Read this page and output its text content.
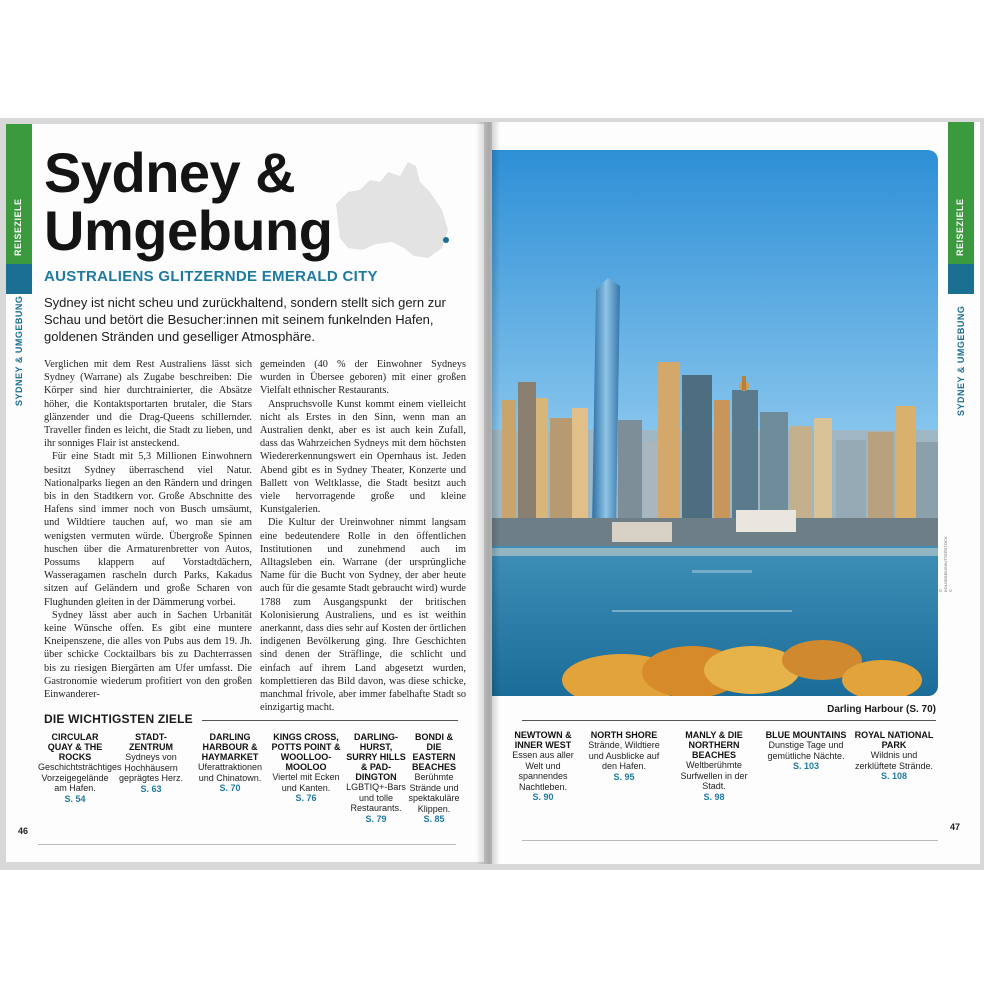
REISEZIELE
SYDNEY & UMGEBUNG
Sydney &
Umgebung
AUSTRALIENS GLITZERNDE EMERALD CITY
Sydney ist nicht scheu und zurückhaltend, sondern stellt sich gern zur Schau und betört die Besucher:innen mit seinem funkelnden Hafen, goldenen Stränden und geselliger Atmosphäre.

Verglichen mit dem Rest Australiens lässt sich Sydney (Warrane) als Zugabe beschreiben: Die Körper sind hier durchtrainierter, die Absätze höher, die Kontaktsportarten brutaler, die Stars glänzender und die Drag-Queens schillernder. Traveller finden es leicht, die Stadt zu lieben, und ihr sonniges Flair ist ansteckend.

Für eine Stadt mit 5,3 Millionen Einwohnern besitzt Sydney überraschend viel Natur. Nationalparks liegen an den Rändern und dringen bis in den Stadtkern vor. Große Abschnitte des Hafens sind immer noch von Busch umsäumt, und Wildtiere tauchen auf, wo man sie am wenigsten vermuten würde. Übergroße Spinnen huschen über die Armaturenbretter von Autos, Possums klappern auf Vorstadtdächern, Wasseragamen rascheln durch Parks, Kakadus sitzen auf Geländern und große Scharen von Flughunden gleiten in der Dämmerung vorbei.

Sydney lässt aber auch in Sachen Urbanität keine Wünsche offen. Es gibt eine muntere Kneipenszene, die alles von Pubs aus dem 19. Jh. über schicke Cocktailbars bis zu Dachterrassen bis zu riesigen Biergärten am Ufer umfasst. Die Gastronomie wiederum profitiert von den großen Einwanderer-

gemeinden (40 % der Einwohner Sydneys wurden in Übersee geboren) mit einer großen Vielfalt ethnischer Restaurants.

Anspruchsvolle Kunst kommt einem vielleicht nicht als Erstes in den Sinn, wenn man an Australien denkt, aber es ist auch kein Zufall, dass das Wahrzeichen Sydneys mit dem höchsten Wiedererkennungswert ein Opernhaus ist. Jeden Abend gibt es in Sydney Theater, Konzerte und Ballett von Weltklasse, die Stadt besitzt auch viele hervorragende große und kleine Kunstgalerien.

Die Kultur der Ureinwohner nimmt langsam eine bedeutendere Rolle in den öffentlichen Institutionen und zunehmend auch im Alltagsleben ein. Warrane (der ursprüngliche Name für die Bucht von Sydney, der aber heute auch für die gesamte Stadt gebraucht wird) wurde 1788 zum Ausgangspunkt der britischen Kolonisierung Australiens, und es ist weithin anerkannt, dass dies sehr auf Kosten der örtlichen indigenen Bevölkerung ging. Ihre Geschichten sind denen der Sträflinge, die schlicht und einfach auf ihrem Land abgesetzt wurden, komplettieren das Bild davon, was diese schicke, manchmal frivole, aber immer fabelhafte Stadt so einzigartig macht.

DIE WICHTIGSTEN ZIELE
CIRCULAR QUAY & THE ROCKS
Geschichtsträchtiges Vorzeigegelände am Hafen.
S. 54
STADT-ZENTRUM
Sydneys von Hochhäusern geprägtes Herz.
S. 63
DARLING HARBOUR & HAYMARKET
Uferattraktionen und Chinatown.
S. 70
KINGS CROSS, POTTS POINT & WOOLLOO-MOOLOO
Viertel mit Ecken und Kanten.
S. 76
DARLING-HURST, SURRY HILLS & PAD-DINGTON
LGBTIQ+-Bars und tolle Restaurants.
S. 79
BONDI & DIE EASTERN BEACHES
Berühmte Strände und spektakuläre Klippen.
S. 85
46
REISEZIELE
SYDNEY & UMGEBUNG
© KOLOBSEK/SHUTTERSTOCK ©
Darling Harbour (S. 70)
NEWTOWN & INNER WEST
Essen aus aller Welt und spannendes Nachtleben.
S. 90
NORTH SHORE
Strände, Wildtiere und Ausblicke auf den Hafen.
S. 95
MANLY & DIE NORTHERN BEACHES
Weltberühmte Surfwellen in der Stadt.
S. 98
BLUE MOUNTAINS
Dunstige Tage und gemütliche Nächte.
S. 103
ROYAL NATIONAL PARK
Wildnis und zerklüftete Strände.
S. 108
47
